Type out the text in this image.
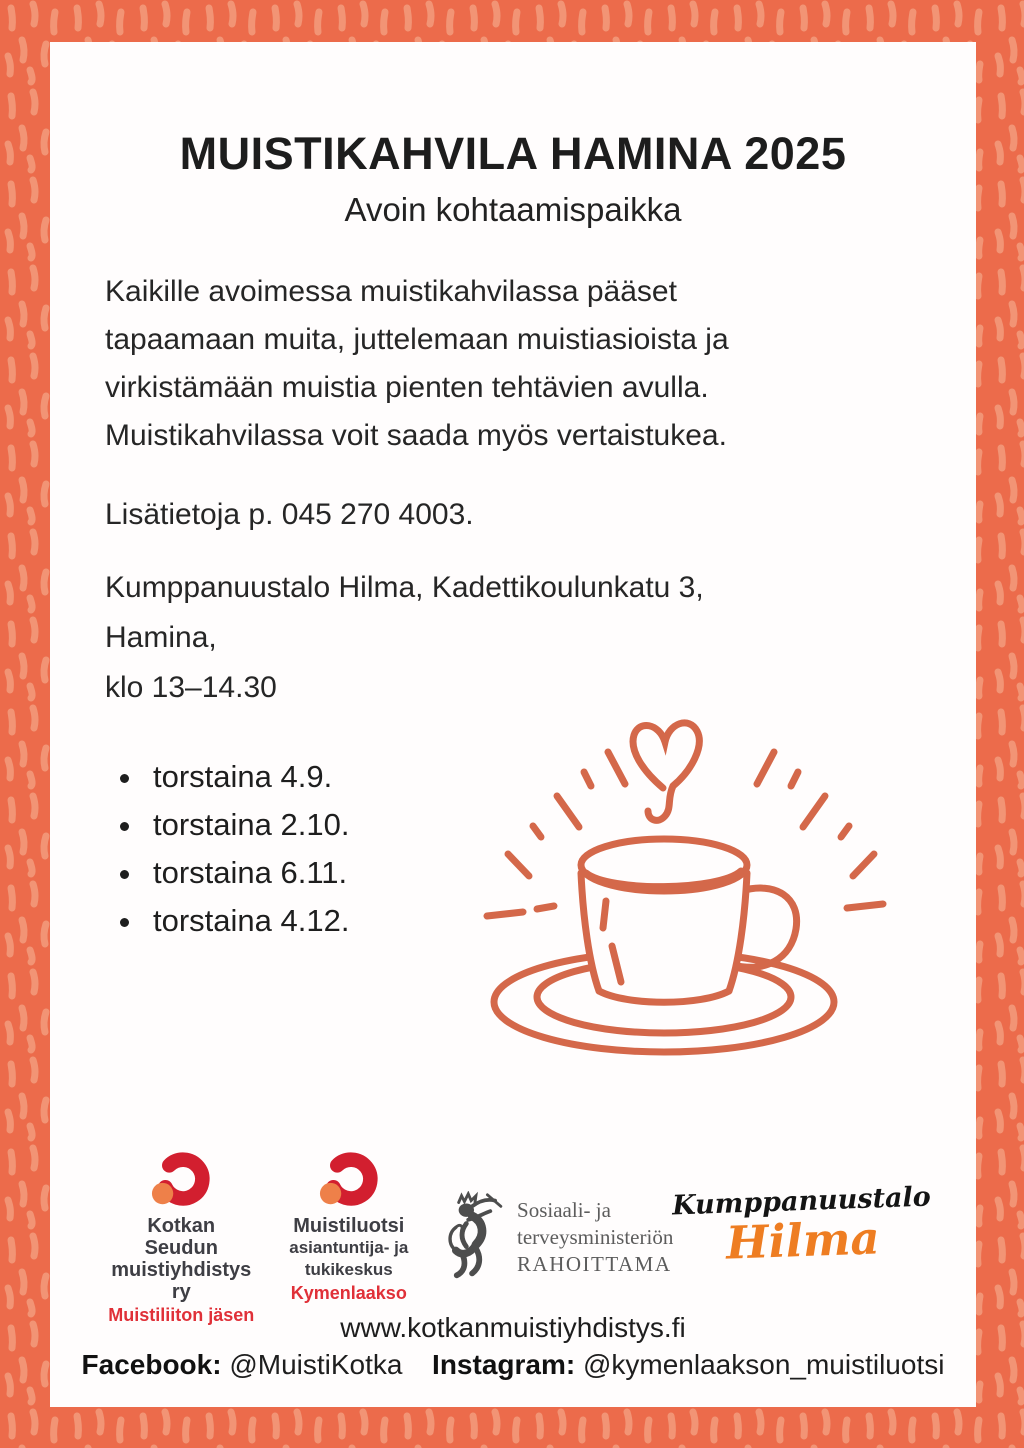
MUISTIKAHVILA HAMINA 2025
Avoin kohtaamispaikka
Kaikille avoimessa muistikahvilassa pääset
tapaamaan muita, juttelemaan muistiasioista ja
virkistämään muistia pienten tehtävien avulla.
Muistikahvilassa voit saada myös vertaistukea.
Lisätietoja p. 045 270 4003.
Kumppanuustalo Hilma, Kadettikoulunkatu 3,
Hamina,
klo 13–14.30
• torstaina 4.9.
• torstaina 2.10.
• torstaina 6.11.
• torstaina 4.12.
Kotkan Seudun
muistiyhdistys ry
Muistiliiton jäsen
Muistiluotsi
asiantuntija- ja tukikeskus
Kymenlaakso
Sosiaali- ja
terveysministeriön
RAHOITTAMA
Kumppanuustalo
Hilma
www.kotkanmuistiyhdistys.fi
Facebook: @MuistiKotka Instagram: @kymenlaakson_muistiluotsi
